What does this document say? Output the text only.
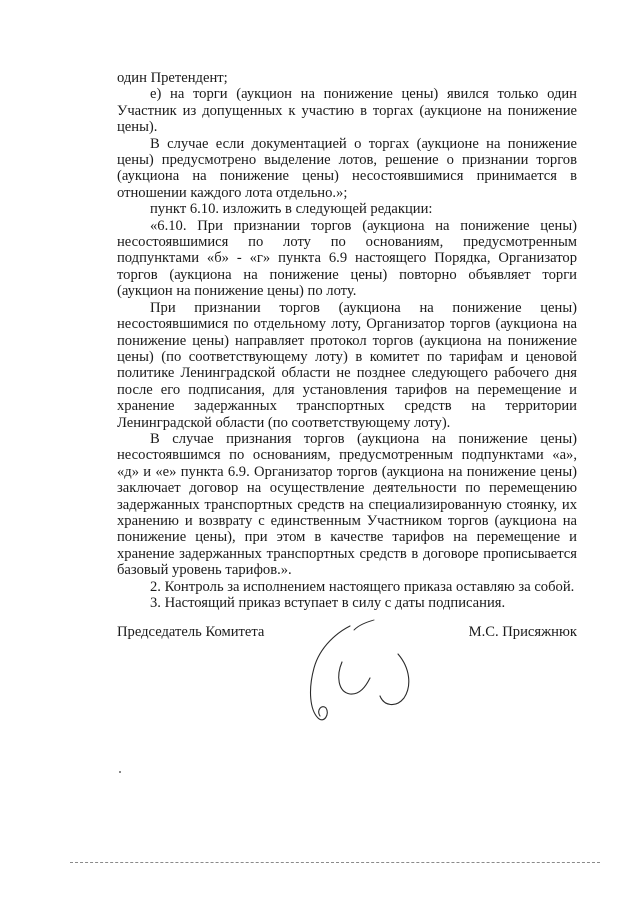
один Претендент;

е) на торги (аукцион на понижение цены) явился только один Участник из допущенных к участию в торгах (аукционе на понижение цены).

В случае если документацией о торгах (аукционе на понижение цены) предусмотрено выделение лотов, решение о признании торгов (аукциона на понижение цены) несостоявшимися принимается в отношении каждого лота отдельно.»;

пункт 6.10. изложить в следующей редакции:

«6.10. При признании торгов (аукциона на понижение цены) несостоявшимися по лоту по основаниям, предусмотренным подпунктами «б» - «г» пункта 6.9 настоящего Порядка, Организатор торгов (аукциона на понижение цены) повторно объявляет торги (аукцион на понижение цены) по лоту.

При признании торгов (аукциона на понижение цены) несостоявшимися по отдельному лоту, Организатор торгов (аукциона на понижение цены) направляет протокол торгов (аукциона на понижение цены) (по соответствующему лоту) в комитет по тарифам и ценовой политике Ленинградской области не позднее следующего рабочего дня после его подписания, для установления тарифов на перемещение и хранение задержанных транспортных средств на территории Ленинградской области (по соответствующему лоту).

В случае признания торгов (аукциона на понижение цены) несостоявшимся по основаниям, предусмотренным подпунктами «а», «д» и «е» пункта 6.9. Организатор торгов (аукциона на понижение цены) заключает договор на осуществление деятельности по перемещению задержанных транспортных средств на специализированную стоянку, их хранению и возврату с единственным Участником торгов (аукциона на понижение цены), при этом в качестве тарифов на перемещение и хранение задержанных транспортных средств в договоре прописывается базовый уровень тарифов.».

2. Контроль за исполнением настоящего приказа оставляю за собой.

3. Настоящий приказ вступает в силу с даты подписания.

Председатель Комитета	М.С. Присяжнюк
